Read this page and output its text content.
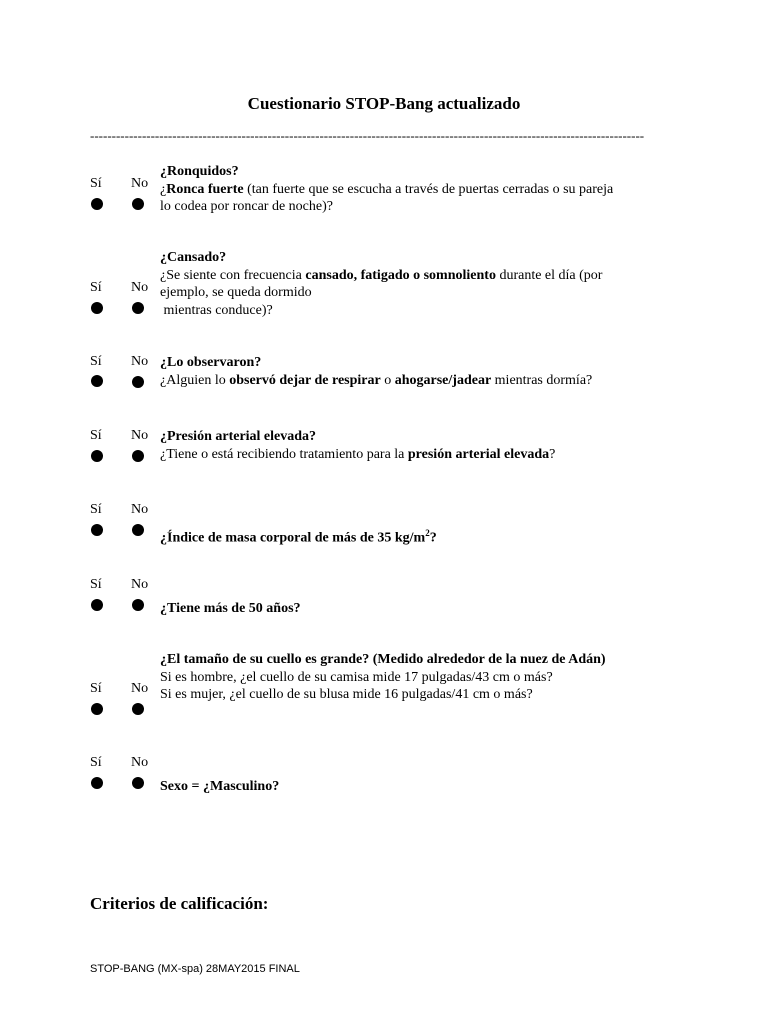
Cuestionario STOP-Bang actualizado
--------------------------------------------------------------------------------------------------------------------------------
Sí No
¿Ronquidos?
¿Ronca fuerte (tan fuerte que se escucha a través de puertas cerradas o su pareja
lo codea por roncar de noche)?
Sí No
¿Cansado?
¿Se siente con frecuencia cansado, fatigado o somnoliento durante el día (por
ejemplo, se queda dormido
mientras conduce)?
Sí No ¿Lo observaron?
¿Alguien lo observó dejar de respirar o ahogarse/jadear mientras dormía?
Sí No ¿Presión arterial elevada?
¿Tiene o está recibiendo tratamiento para la presión arterial elevada?
Sí No
¿Índice de masa corporal de más de 35 $kg/m^2$?
Sí No
¿Tiene más de 50 años?
Sí No
¿El tamaño de su cuello es grande? (Medido alrededor de la nuez de Adán)
Si es hombre, ¿el cuello de su camisa mide 17 pulgadas/43 cm o más?
Si es mujer, ¿el cuello de su blusa mide 16 pulgadas/41 cm o más?
Sí No
Sexo = ¿Masculino?
Criterios de calificación:
STOP-BANG (MX-spa) 28MAY2015 FINAL
